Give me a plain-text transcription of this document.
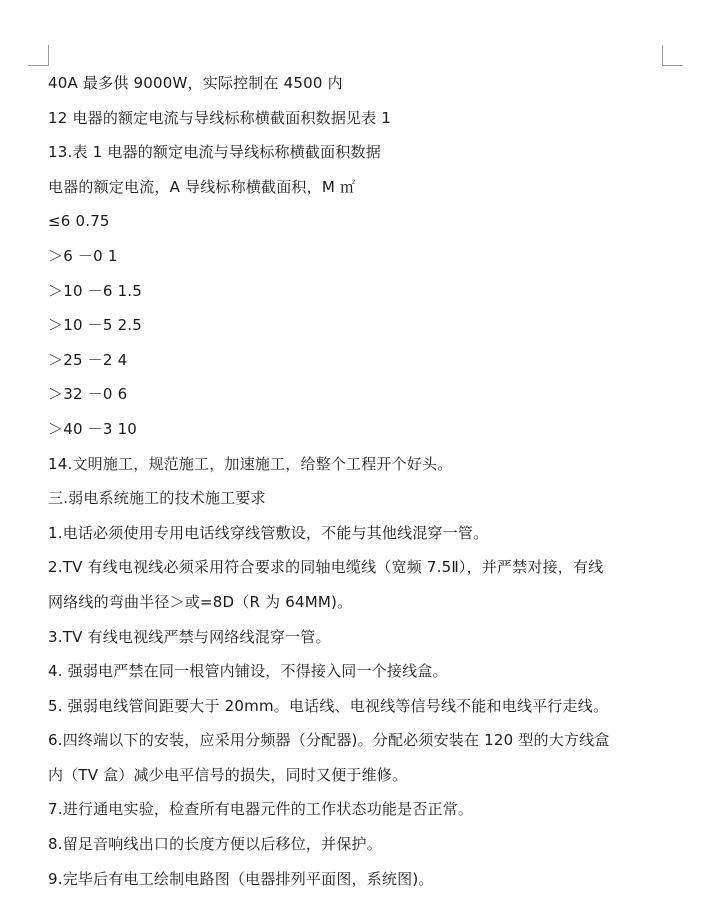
40A 最多供 9000W，实际控制在 4500 内
12 电器的额定电流与导线标称横截面积数据见表 1
13.表 1 电器的额定电流与导线标称横截面积数据
电器的额定电流，A 导线标称横截面积，M ㎡
≤6 0.75
＞6 －0 1
＞10 －6 1.5
＞10 －5 2.5
＞25 －2 4
＞32 －0 6
＞40 －3 10
14.文明施工，规范施工，加速施工，给整个工程开个好头。
三.弱电系统施工的技术施工要求
1.电话必须使用专用电话线穿线管敷设，不能与其他线混穿一管。
2.TV 有线电视线必须采用符合要求的同轴电缆线（宽频 7.5Ⅱ），并严禁对接，有线
网络线的弯曲半径＞或=8D（R 为 64MM)。
3.TV 有线电视线严禁与网络线混穿一管。
4. 强弱电严禁在同一根管内铺设，不得接入同一个接线盒。
5. 强弱电线管间距要大于 20mm。电话线、电视线等信号线不能和电线平行走线。
6.四终端以下的安装，应采用分频器（分配器)。分配必须安装在 120 型的大方线盒
内（TV 盒）减少电平信号的损失，同时又便于维修。
7.进行通电实验，检查所有电器元件的工作状态功能是否正常。
8.留足音响线出口的长度方便以后移位，并保护。
9.完毕后有电工绘制电路图（电器排列平面图，系统图)。
